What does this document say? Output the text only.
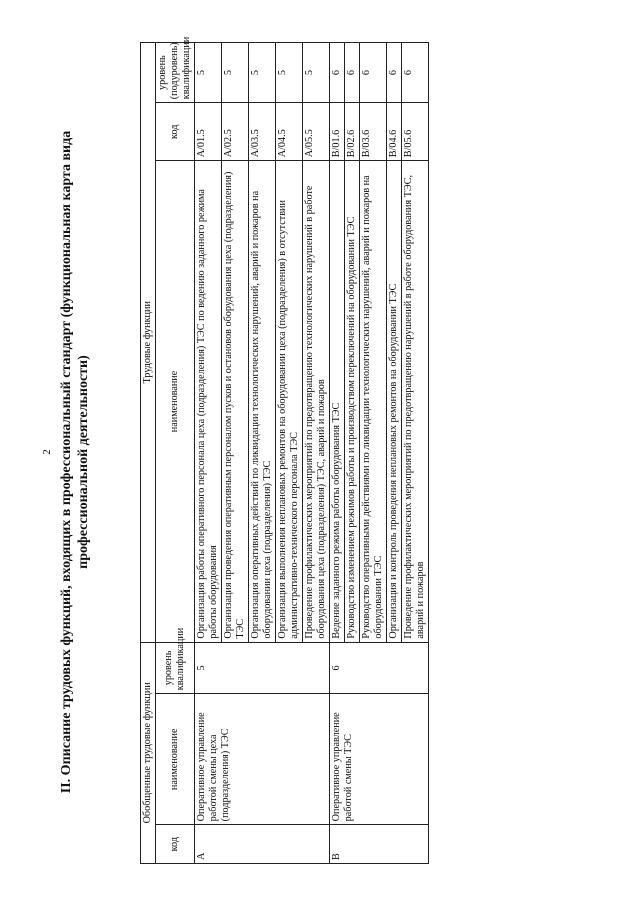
2 II. Описание трудовых функций, входящих в профессиональный стандарт (функциональная карта вида профессиональной деятельности)
Обобщенные трудовые функции			Трудовые функции		
код	наименование	уровень квалификации	наименование	код	уровень (подуровень) квалификации
A	Оперативное управление работой смены цеха (подразделения) ТЭС	5	Организация работы оперативного персонала цеха (подразделения) ТЭС по ведению заданного режима работы оборудования	A/01.5	5
			Организация проведения оперативным персоналом пусков и остановов оборудования цеха (подразделения) ТЭС	A/02.5	5
			Организация оперативных действий по ликвидации технологических нарушений, аварий и пожаров на оборудовании цеха (подразделения) ТЭС	A/03.5	5
			Организация выполнения неплановых ремонтов на оборудовании цеха (подразделения) в отсутствии административно-технического персонала ТЭС	A/04.5	5
			Проведение профилактических мероприятий по предотвращению технологических нарушений в работе оборудования цеха (подразделения) ТЭС, аварий и пожаров	A/05.5	5
B	Оперативное управление работой смены ТЭС	6	Ведение заданного режима работы оборудования ТЭС	B/01.6	6
			Руководство изменением режимов работы и производством переключений на оборудовании ТЭС	B/02.6	6
			Руководство оперативными действиями по ликвидации технологических нарушений, аварий и пожаров на оборудовании ТЭС	B/03.6	6
			Организация и контроль проведения неплановых ремонтов на оборудовании ТЭС	B/04.6	6
			Проведение профилактических мероприятий по предотвращению нарушений в работе оборудования ТЭС, аварий и пожаров	B/05.6	6
